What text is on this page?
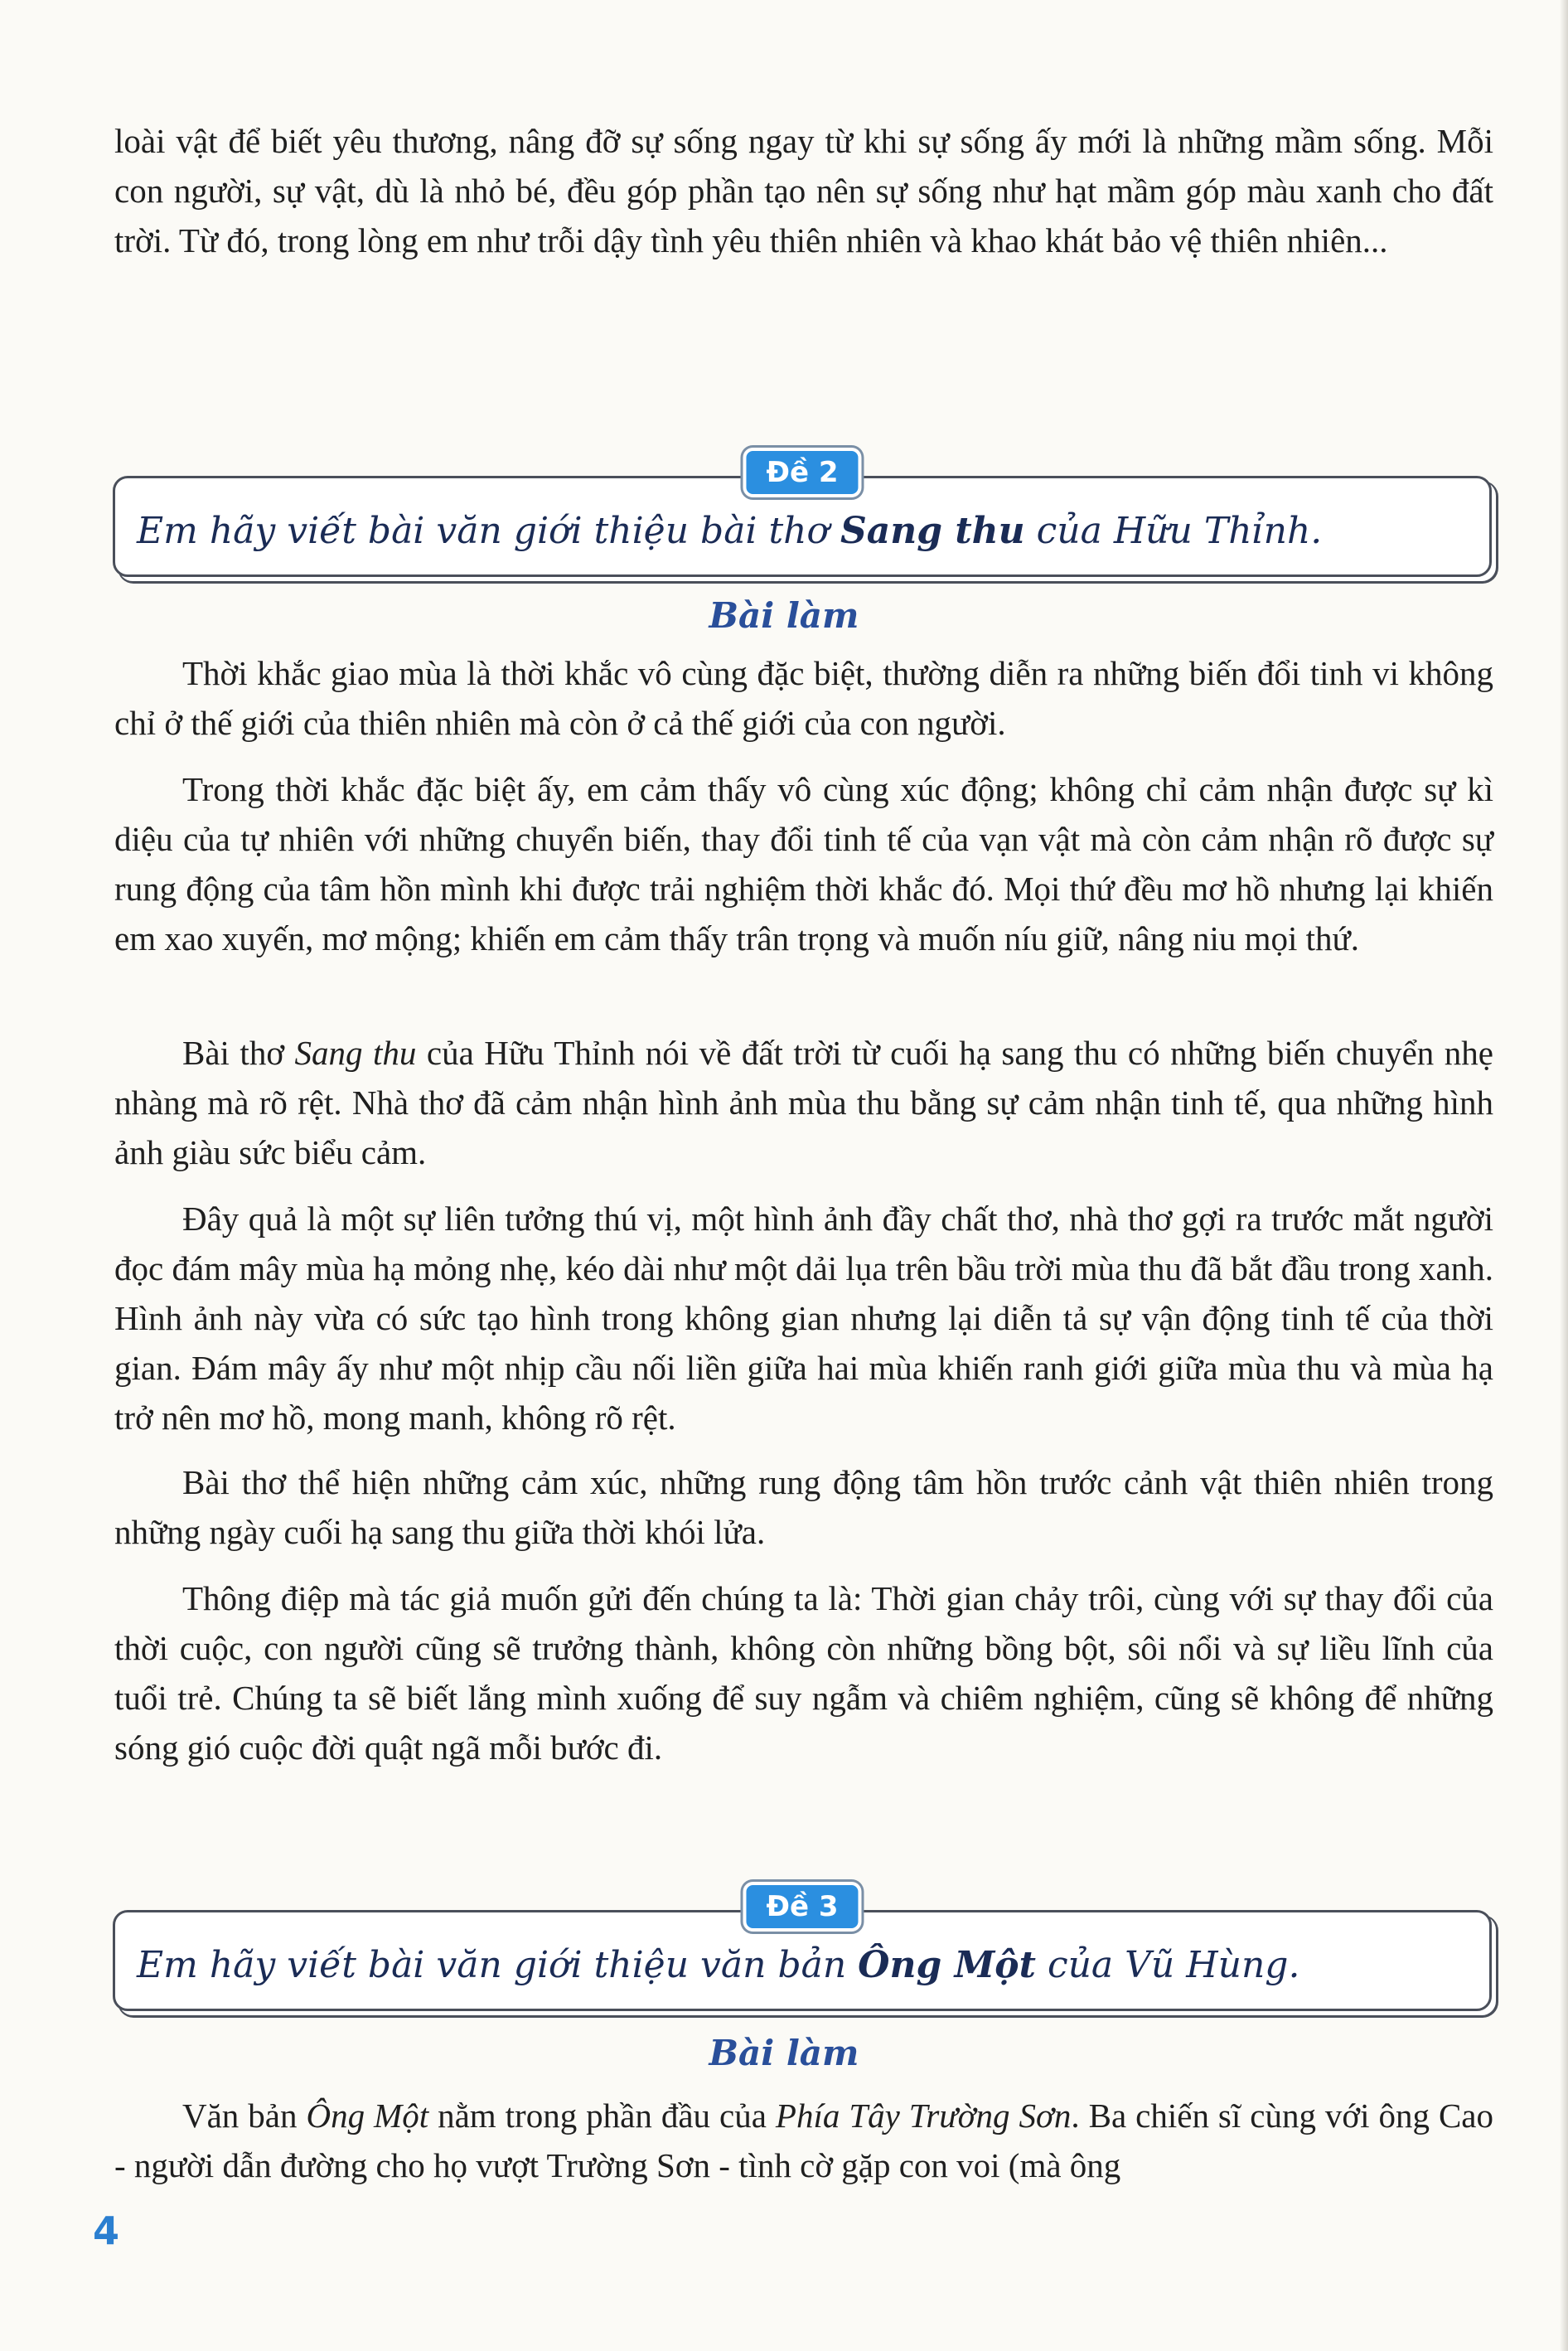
loài vật để biết yêu thương, nâng đỡ sự sống ngay từ khi sự sống ấy mới là những mầm sống. Mỗi con người, sự vật, dù là nhỏ bé, đều góp phần tạo nên sự sống như hạt mầm góp màu xanh cho đất trời. Từ đó, trong lòng em như trỗi dậy tình yêu thiên nhiên và khao khát bảo vệ thiên nhiên...

Đề 2
Em hãy viết bài văn giới thiệu bài thơ Sang thu của Hữu Thỉnh.
Bài làm

Thời khắc giao mùa là thời khắc vô cùng đặc biệt, thường diễn ra những biến đổi tinh vi không chỉ ở thế giới của thiên nhiên mà còn ở cả thế giới của con người.

Trong thời khắc đặc biệt ấy, em cảm thấy vô cùng xúc động; không chỉ cảm nhận được sự kì diệu của tự nhiên với những chuyển biến, thay đổi tinh tế của vạn vật mà còn cảm nhận rõ được sự rung động của tâm hồn mình khi được trải nghiệm thời khắc đó. Mọi thứ đều mơ hồ nhưng lại khiến em xao xuyến, mơ mộng; khiến em cảm thấy trân trọng và muốn níu giữ, nâng niu mọi thứ.

Bài thơ Sang thu của Hữu Thỉnh nói về đất trời từ cuối hạ sang thu có những biến chuyển nhẹ nhàng mà rõ rệt. Nhà thơ đã cảm nhận hình ảnh mùa thu bằng sự cảm nhận tinh tế, qua những hình ảnh giàu sức biểu cảm.

Đây quả là một sự liên tưởng thú vị, một hình ảnh đầy chất thơ, nhà thơ gợi ra trước mắt người đọc đám mây mùa hạ mỏng nhẹ, kéo dài như một dải lụa trên bầu trời mùa thu đã bắt đầu trong xanh. Hình ảnh này vừa có sức tạo hình trong không gian nhưng lại diễn tả sự vận động tinh tế của thời gian. Đám mây ấy như một nhịp cầu nối liền giữa hai mùa khiến ranh giới giữa mùa thu và mùa hạ trở nên mơ hồ, mong manh, không rõ rệt.

Bài thơ thể hiện những cảm xúc, những rung động tâm hồn trước cảnh vật thiên nhiên trong những ngày cuối hạ sang thu giữa thời khói lửa.

Thông điệp mà tác giả muốn gửi đến chúng ta là: Thời gian chảy trôi, cùng với sự thay đổi của thời cuộc, con người cũng sẽ trưởng thành, không còn những bồng bột, sôi nổi và sự liều lĩnh của tuổi trẻ. Chúng ta sẽ biết lắng mình xuống để suy ngẫm và chiêm nghiệm, cũng sẽ không để những sóng gió cuộc đời quật ngã mỗi bước đi.

Đề 3
Em hãy viết bài văn giới thiệu văn bản Ông Một của Vũ Hùng.
Bài làm

Văn bản Ông Một nằm trong phần đầu của Phía Tây Trường Sơn. Ba chiến sĩ cùng với ông Cao - người dẫn đường cho họ vượt Trường Sơn - tình cờ gặp con voi (mà ông

4
